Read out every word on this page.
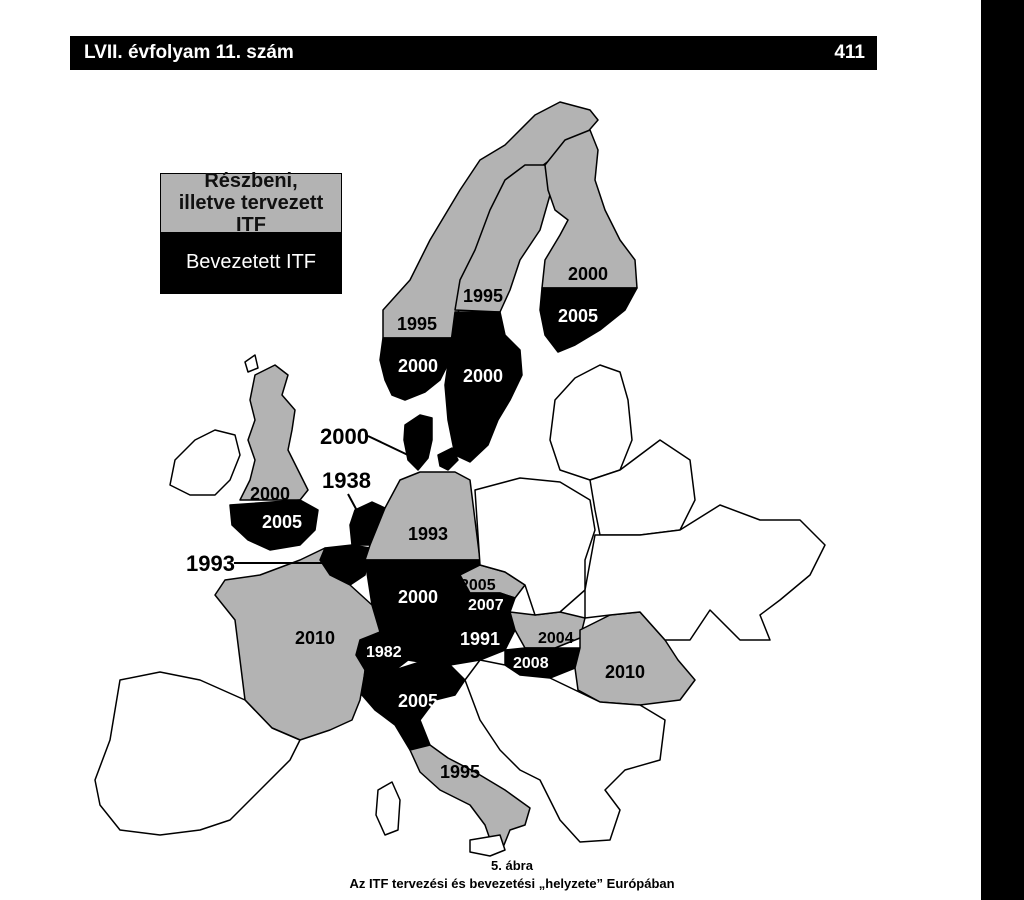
LVII. évfolyam 11. szám	411
1995
2000
1995
2000
2000
2005
2000
2000
2005
1938
1993
1993
2000
2010
2005
2007
1991 2004
2008	2010
1982
2005
1995
Részbeni, illetve tervezett ITF
Bevezetett ITF
5. ábra
Az ITF tervezési és bevezetési „helyzete” Európában
